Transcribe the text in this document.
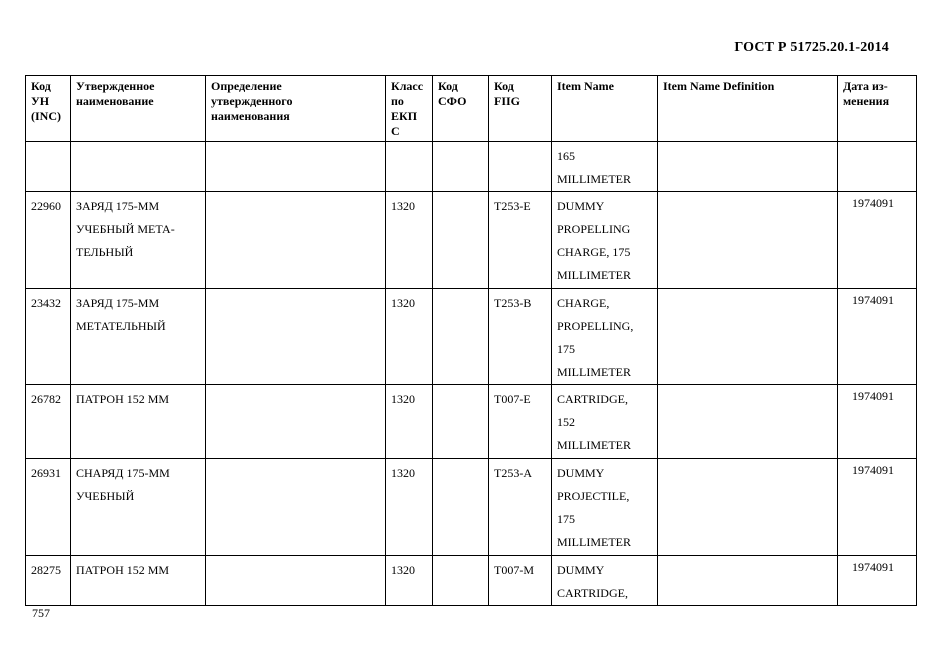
ГОСТ Р 51725.20.1-2014
Код
УН
(INC)	Утвержденное
наименование	Определение
утвержденного
наименования	Класс
по
ЕКП
С	Код
СФО	Код
FIIG	Item Name	Item Name Definition	Дата из-
менения

						165
MILLIMETER		

22960	ЗАРЯД 175-ММ
УЧЕБНЫЙ МЕТА-
ТЕЛЬНЫЙ		1320		T253-E	DUMMY
PROPELLING
CHARGE, 175
MILLIMETER		1974091
23432	ЗАРЯД 175-ММ
МЕТАТЕЛЬНЫЙ		1320		T253-B	CHARGE,
PROPELLING,
175
MILLIMETER		1974091
26782	ПАТРОН 152 ММ		1320		T007-E	CARTRIDGE,
152
MILLIMETER		1974091
26931	СНАРЯД 175-ММ
УЧЕБНЫЙ		1320		T253-A	DUMMY
PROJECTILE,
175
MILLIMETER		1974091
28275	ПАТРОН 152 ММ		1320		T007-M	DUMMY
CARTRIDGE,		1974091
757
